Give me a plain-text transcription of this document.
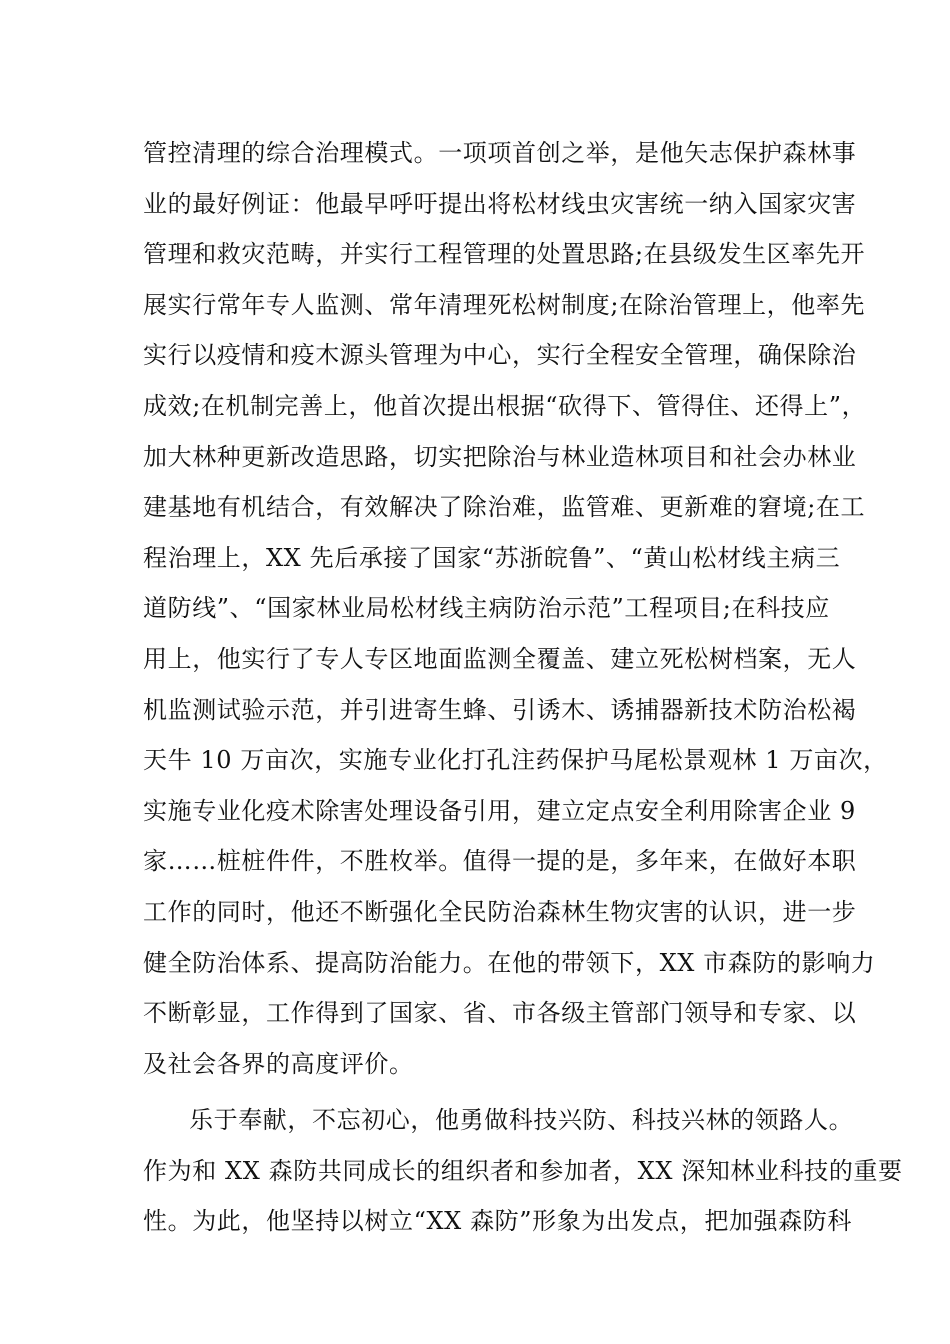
管控清理的综合治理模式。一项项首创之举，是他矢志保护森林事
业的最好例证：他最早呼吁提出将松材线虫灾害统一纳入国家灾害
管理和救灾范畴，并实行工程管理的处置思路;在县级发生区率先开
展实行常年专人监测、常年清理死松树制度;在除治管理上，他率先
实行以疫情和疫木源头管理为中心，实行全程安全管理，确保除治
成效;在机制完善上，他首次提出根据“砍得下、管得住、还得上”，
加大林种更新改造思路，切实把除治与林业造林项目和社会办林业
建基地有机结合，有效解决了除治难，监管难、更新难的窘境;在工
程治理上，XX 先后承接了国家“苏浙皖鲁”、“黄山松材线主病三
道防线”、“国家林业局松材线主病防治示范”工程项目;在科技应
用上，他实行了专人专区地面监测全覆盖、建立死松树档案，无人
机监测试验示范，并引进寄生蜂、引诱木、诱捕器新技术防治松褐
天牛 10 万亩次，实施专业化打孔注药保护马尾松景观林 1 万亩次，
实施专业化疫术除害处理设备引用，建立定点安全利用除害企业 9
家……桩桩件件，不胜枚举。值得一提的是，多年来，在做好本职
工作的同时，他还不断强化全民防治森林生物灾害的认识，进一步
健全防治体系、提高防治能力。在他的带领下，XX 市森防的影响力
不断彰显，工作得到了国家、省、市各级主管部门领导和专家、以
及社会各界的高度评价。
乐于奉献，不忘初心，他勇做科技兴防、科技兴林的领路人。
作为和 XX 森防共同成长的组织者和参加者，XX 深知林业科技的重要
性。为此，他坚持以树立“XX 森防”形象为出发点，把加强森防科
